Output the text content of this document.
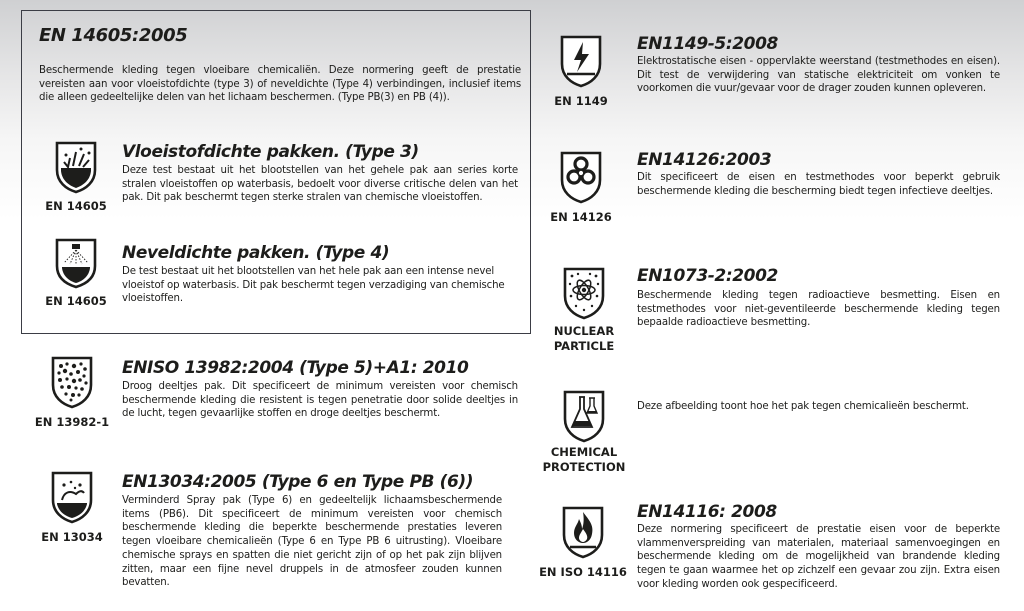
EN 14605:2005

Beschermende kleding tegen vloeibare chemicaliën. Deze normering geeft de prestatie vereisten aan voor vloeistofdichte (type 3) of neveldichte (Type 4) verbindingen, inclusief items die alleen gedeeltelijke delen van het lichaam beschermen. (Type PB(3) en PB (4)).

EN 14605
Vloeistofdichte pakken. (Type 3)

Deze test bestaat uit het blootstellen van het gehele pak aan series korte stralen vloeistoffen op waterbasis, bedoelt voor diverse critische delen van het pak. Dit pak beschermt tegen sterke stralen van chemische vloeistoffen.

EN 14605
Neveldichte pakken. (Type 4)

De test bestaat uit het blootstellen van het hele pak aan een intense nevel vloeistof op waterbasis. Dit pak beschermt tegen verzadiging van chemische vloeistoffen.

EN 13982-1
ENISO 13982:2004 (Type 5)+A1: 2010

Droog deeltjes pak. Dit specificeert de minimum vereisten voor chemisch beschermende kleding die resistent is tegen penetratie door solide deeltjes in de lucht, tegen gevaarlijke stoffen en droge deeltjes beschermt.

EN 13034
EN13034:2005 (Type 6 en Type PB (6))

Verminderd Spray pak (Type 6) en gedeeltelijk lichaamsbeschermende items (PB6). Dit specificeert de minimum vereisten voor chemisch beschermende kleding die beperkte beschermende prestaties leveren tegen vloeibare chemicalieën (Type 6 en Type PB 6 uitrusting). Vloeibare chemische sprays en spatten die niet gericht zijn of op het pak zijn blijven zitten, maar een fijne nevel druppels in de atmosfeer zouden kunnen bevatten.

EN 1149
EN1149-5:2008

Elektrostatische eisen - oppervlakte weerstand (testmethodes en eisen). Dit test de verwijdering van statische elektriciteit om vonken te voorkomen die vuur/gevaar voor de drager zouden kunnen opleveren.

EN 14126
EN14126:2003

Dit specificeert de eisen en testmethodes voor beperkt gebruik beschermende kleding die bescherming biedt tegen infectieve deeltjes.

NUCLEAR
PARTICLE
EN1073-2:2002

Beschermende kleding tegen radioactieve besmetting. Eisen en testmethodes voor niet-geventileerde beschermende kleding tegen bepaalde radioactieve besmetting.

CHEMICAL
PROTECTION

Deze afbeelding toont hoe het pak tegen chemicalieën beschermt.

EN ISO 14116
EN14116: 2008

Deze normering specificeert de prestatie eisen voor de beperkte vlammenverspreiding van materialen, materiaal samenvoegingen en beschermende kleding om de mogelijkheid van brandende kleding tegen te gaan waarmee het op zichzelf een gevaar zou zijn. Extra eisen voor kleding worden ook gespecificeerd.
